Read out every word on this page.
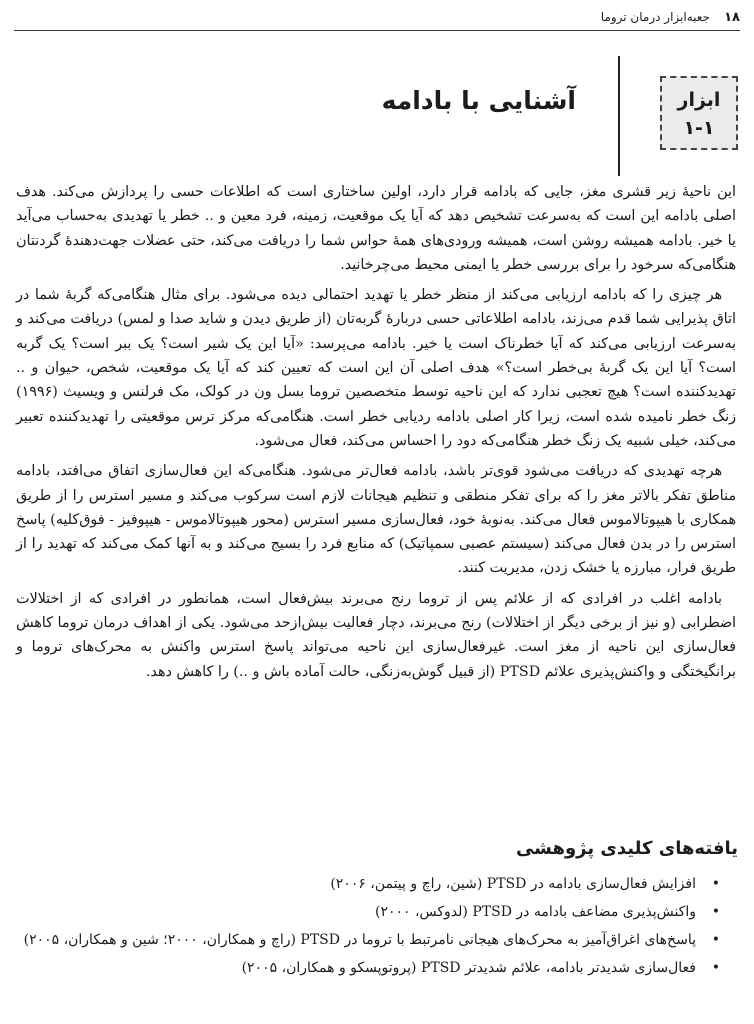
۱۸ جعبه‌ابزار درمان تروما
ابزار
۱-۱
آشنایی با بادامه

این ناحیهٔ زیر قشری مغز، جایی که بادامه قرار دارد، اولین ساختاری است که اطلاعات حسی را پردازش می‌کند. هدف اصلی بادامه این است که به‌سرعت تشخیص دهد که آیا یک موقعیت، زمینه، فرد معین و .. خطر یا تهدیدی به‌حساب می‌آید یا خیر. بادامه همیشه روشن است، همیشه ورودی‌های همهٔ حواس شما را دریافت می‌کند، حتی عضلات جهت‌دهندهٔ گردنتان هنگامی‌که سرخود را برای بررسی خطر یا ایمنی محیط می‌چرخانید.

هر چیزی را که بادامه ارزیابی می‌کند از منظر خطر یا تهدید احتمالی دیده می‌شود. برای مثال هنگامی‌که گربهٔ شما در اتاق پذیرایی شما قدم می‌زند، بادامه اطلاعاتی حسی دربارهٔ گربه‌تان (از طریق دیدن و شاید صدا و لمس) دریافت می‌کند و به‌سرعت ارزیابی می‌کند که آیا خطرناک است یا خیر. بادامه می‌پرسد: «آیا این یک شیر است؟ یک ببر است؟ یک گربه است؟ آیا این یک گربهٔ بی‌خطر است؟» هدف اصلی آن این است که تعیین کند که آیا یک موقعیت، شخص، حیوان و .. تهدیدکننده است؟ هیچ تعجبی ندارد که این ناحیه توسط متخصصین تروما بسل ون در کولک، مک فرلنس و ویسیث (۱۹۹۶) زنگ خطر نامیده شده است، زیرا کار اصلی بادامه ردیابی خطر است. هنگامی‌که مرکز ترس موقعیتی را تهدیدکننده تعبیر می‌کند، خیلی شبیه یک زنگ خطر هنگامی‌که دود را احساس می‌کند، فعال می‌شود.

هرچه تهدیدی که دریافت می‌شود قوی‌تر باشد، بادامه فعال‌تر می‌شود. هنگامی‌که این فعال‌سازی اتفاق می‌افتد، بادامه مناطق تفکر بالاتر مغز را که برای تفکر منطقی و تنظیم هیجانات لازم است سرکوب می‌کند و مسیر استرس را از طریق همکاری با هیپوتالاموس فعال می‌کند. به‌نوبهٔ خود، فعال‌سازی مسیر استرس (محور هیپوتالاموس - هیپوفیز - فوق‌کلیه) پاسخ استرس را در بدن فعال می‌کند (سیستم عصبی سمپاتیک) که منابع فرد را بسیج می‌کند و به آنها کمک می‌کند که تهدید را از طریق فرار، مبارزه یا خشک زدن، مدیریت کنند.

بادامه اغلب در افرادی که از علائم پس از تروما رنج می‌برند بیش‌فعال است، همانطور در افرادی که از اختلالات اضطرابی (و نیز از برخی دیگر از اختلالات) رنج می‌برند، دچار فعالیت بیش‌ازحد می‌شود. یکی از اهداف درمان تروما کاهش فعال‌سازی این ناحیه از مغز است. غیرفعال‌سازی این ناحیه می‌تواند پاسخ استرس واکنش به محرک‌های تروما و برانگیختگی و واکنش‌پذیری علائم PTSD (از قبیل گوش‌به‌زنگی، حالت آماده باش و ..) را کاهش دهد.

یافته‌های کلیدی پژوهشی
•
افزایش فعال‌سازی بادامه در PTSD (شین، راچ و پیتمن، ۲۰۰۶)
•
واکنش‌پذیری مضاعف بادامه در PTSD (لدوکس، ۲۰۰۰)
•
پاسخ‌های اغراق‌آمیز به محرک‌های هیجانی نامرتبط با تروما در PTSD (راچ و همکاران، ۲۰۰۰؛ شین و همکاران، ۲۰۰۵)
•
فعال‌سازی شدیدتر بادامه، علائم شدیدتر PTSD (پروتوپسکو و همکاران، ۲۰۰۵)
